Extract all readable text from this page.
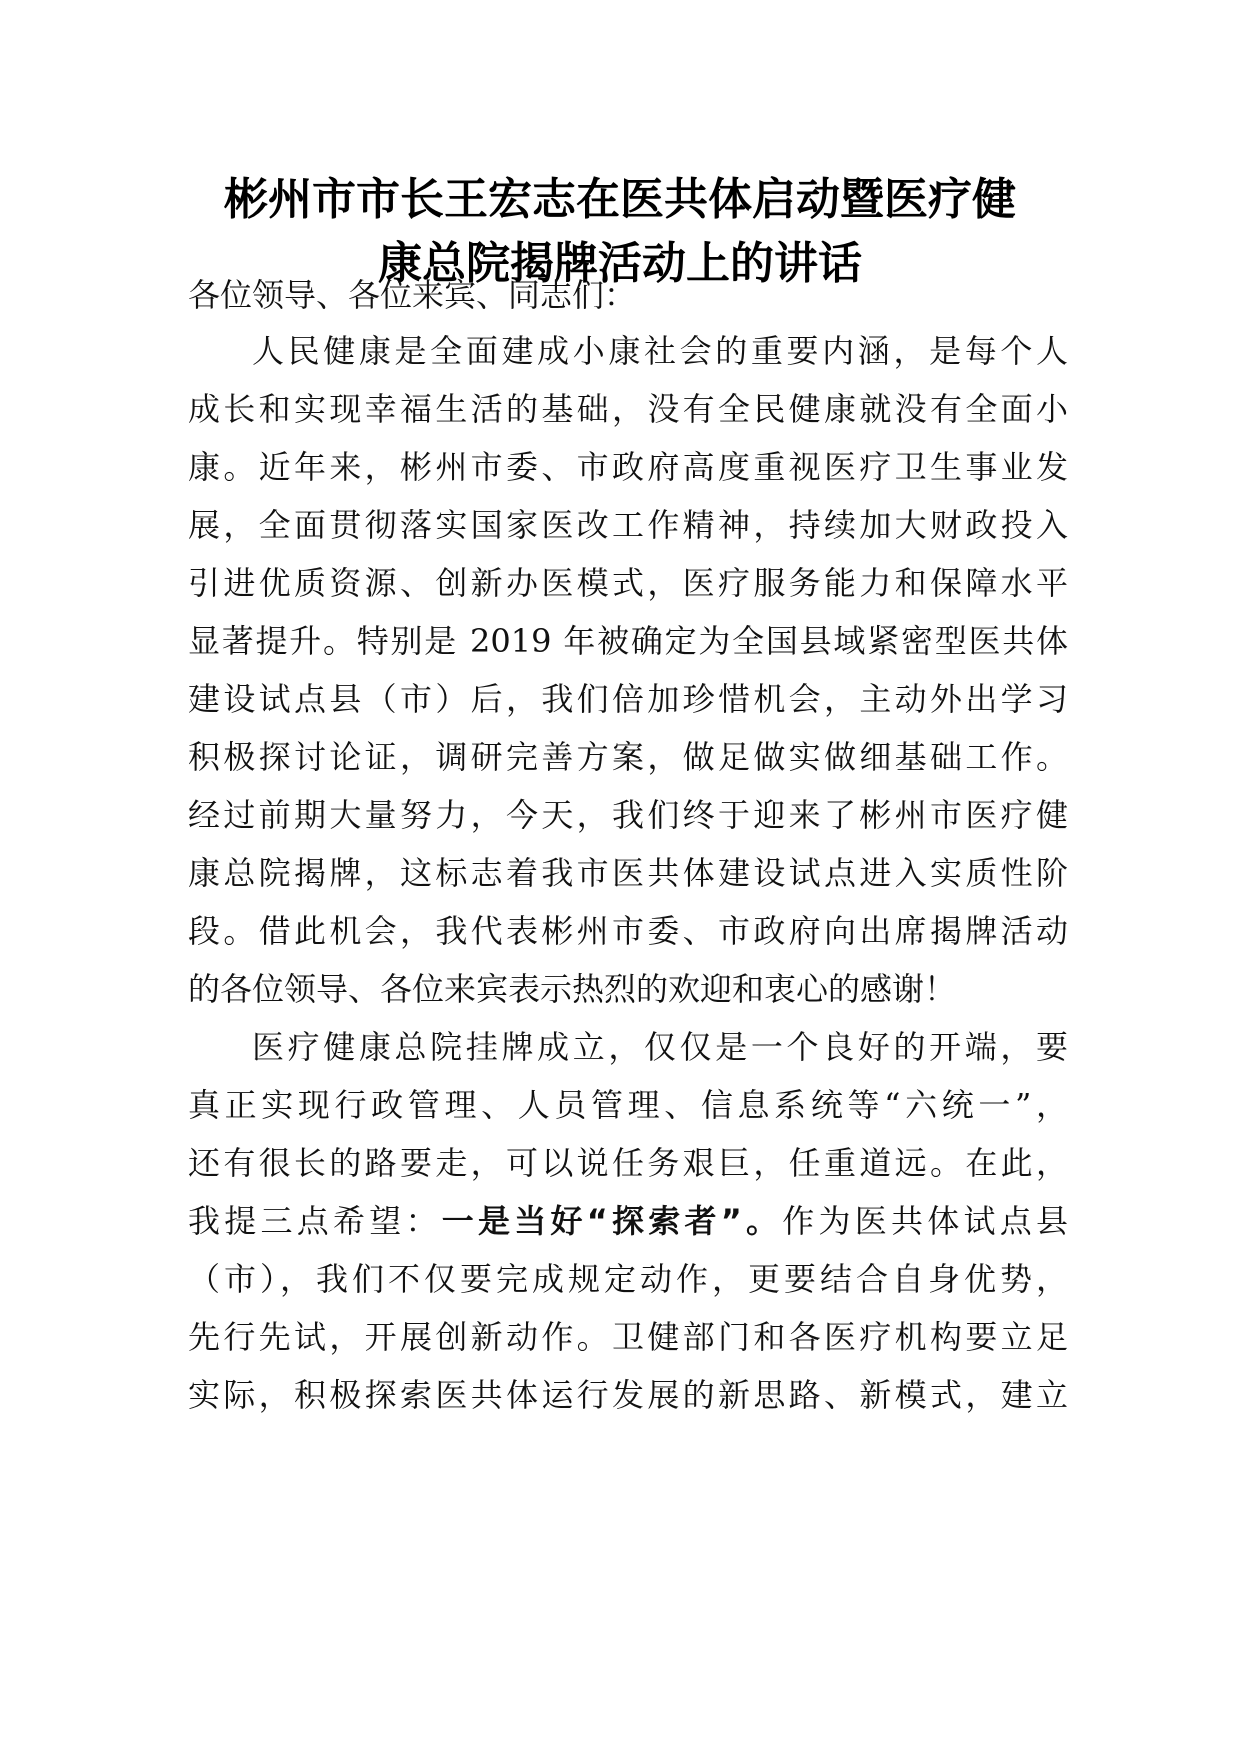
彬州市市长王宏志在医共体启动暨医疗健
康总院揭牌活动上的讲话
各位领导、各位来宾、同志们：
人民健康是全面建成小康社会的重要内涵，是每个人
成长和实现幸福生活的基础，没有全民健康就没有全面小
康。近年来，彬州市委、市政府高度重视医疗卫生事业发
展，全面贯彻落实国家医改工作精神，持续加大财政投入
引进优质资源、创新办医模式，医疗服务能力和保障水平
显著提升。特别是 2019 年被确定为全国县域紧密型医共体
建设试点县（市）后，我们倍加珍惜机会，主动外出学习
积极探讨论证，调研完善方案，做足做实做细基础工作。
经过前期大量努力，今天，我们终于迎来了彬州市医疗健
康总院揭牌，这标志着我市医共体建设试点进入实质性阶
段。借此机会，我代表彬州市委、市政府向出席揭牌活动
的各位领导、各位来宾表示热烈的欢迎和衷心的感谢！
医疗健康总院挂牌成立，仅仅是一个良好的开端，要
真正实现行政管理、人员管理、信息系统等“六统一”，
还有很长的路要走，可以说任务艰巨，任重道远。在此，
我提三点希望：一是当好“探索者”。作为医共体试点县
（市），我们不仅要完成规定动作，更要结合自身优势，
先行先试，开展创新动作。卫健部门和各医疗机构要立足
实际，积极探索医共体运行发展的新思路、新模式，建立
